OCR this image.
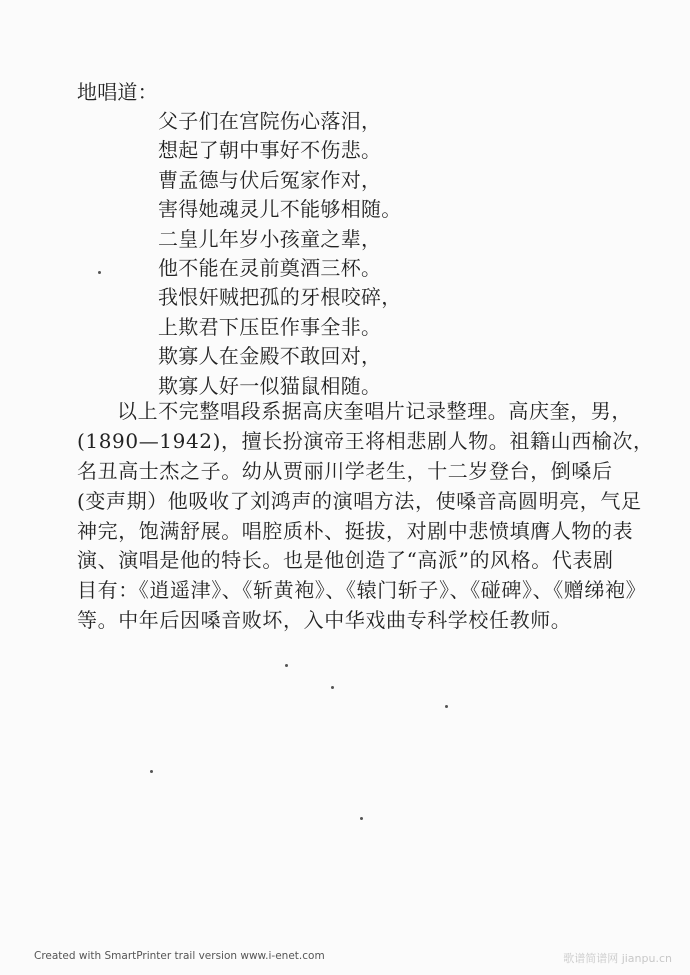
地唱道：
父子们在宫院伤心落泪，
想起了朝中事好不伤悲。
曹孟德与伏后冤家作对，
害得她魂灵儿不能够相随。
二皇儿年岁小孩童之辈，
他不能在灵前奠酒三杯。
我恨奸贼把孤的牙根咬碎，
上欺君下压臣作事全非。
欺寡人在金殿不敢回对，
欺寡人好一似猫鼠相随。
以上不完整唱段系据高庆奎唱片记录整理。高庆奎，男，
(1890—1942)，擅长扮演帝王将相悲剧人物。祖籍山西榆次，
名丑高士杰之子。幼从贾丽川学老生，十二岁登台，倒嗓后
(变声期）他吸收了刘鸿声的演唱方法，使嗓音高圆明亮，气足
神完，饱满舒展。唱腔质朴、挺拔，对剧中悲愤填膺人物的表
演、演唱是他的特长。也是他创造了“高派”的风格。代表剧
目有：《逍遥津》、《斩黄袍》、《辕门斩子》、《碰碑》、《赠绨袍》
等。中年后因嗓音败坏，入中华戏曲专科学校任教师。
Created with SmartPrinter trail version www.i-enet.com	歌谱简谱网 jianpu.cn
